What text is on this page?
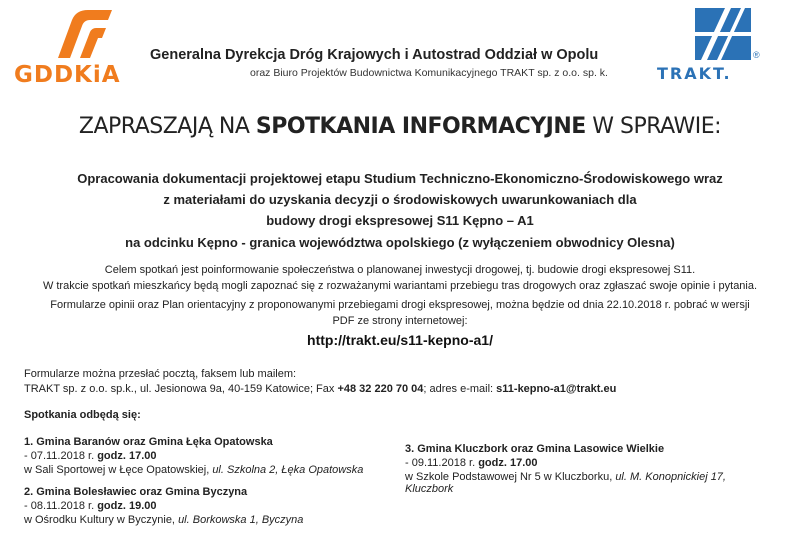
GDDKiA
Generalna Dyrekcja Dróg Krajowych i Autostrad Oddział w Opolu
oraz Biuro Projektów Budownictwa Komunikacyjnego TRAKT sp. z o.o. sp. k.
®
TRAKT.
ZAPRASZAJĄ NA SPOTKANIA INFORMACYJNE W SPRAWIE:
Opracowania dokumentacji projektowej etapu Studium Techniczno-Ekonomiczno-Środowiskowego wraz
z materiałami do uzyskania decyzji o środowiskowych uwarunkowaniach dla
budowy drogi ekspresowej S11 Kępno – A1
na odcinku Kępno - granica województwa opolskiego (z wyłączeniem obwodnicy Olesna)
Celem spotkań jest poinformowanie społeczeństwa o planowanej inwestycji drogowej, tj. budowie drogi ekspresowej S11.
W trakcie spotkań mieszkańcy będą mogli zapoznać się z rozważanymi wariantami przebiegu tras drogowych oraz zgłaszać swoje opinie i pytania.
Formularze opinii oraz Plan orientacyjny z proponowanymi przebiegami drogi ekspresowej, można będzie od dnia 22.10.2018 r. pobrać w wersji
PDF ze strony internetowej:
http://trakt.eu/s11-kepno-a1/
Formularze można przesłać pocztą, faksem lub mailem:
TRAKT sp. z o.o. sp.k., ul. Jesionowa 9a, 40-159 Katowice; Fax +48 32 220 70 04; adres e-mail: s11-kepno-a1@trakt.eu
Spotkania odbędą się:
1. Gmina Baranów oraz Gmina Łęka Opatowska
- 07.11.2018 r. godz. 17.00
w Sali Sportowej w Łęce Opatowskiej, ul. Szkolna 2, Łęka Opatowska
2. Gmina Bolesławiec oraz Gmina Byczyna
- 08.11.2018 r. godz. 19.00
w Ośrodku Kultury w Byczynie, ul. Borkowska 1, Byczyna
3. Gmina Kluczbork oraz Gmina Lasowice Wielkie
- 09.11.2018 r. godz. 17.00
w Szkole Podstawowej Nr 5 w Kluczborku, ul. M. Konopnickiej 17,
Kluczbork
